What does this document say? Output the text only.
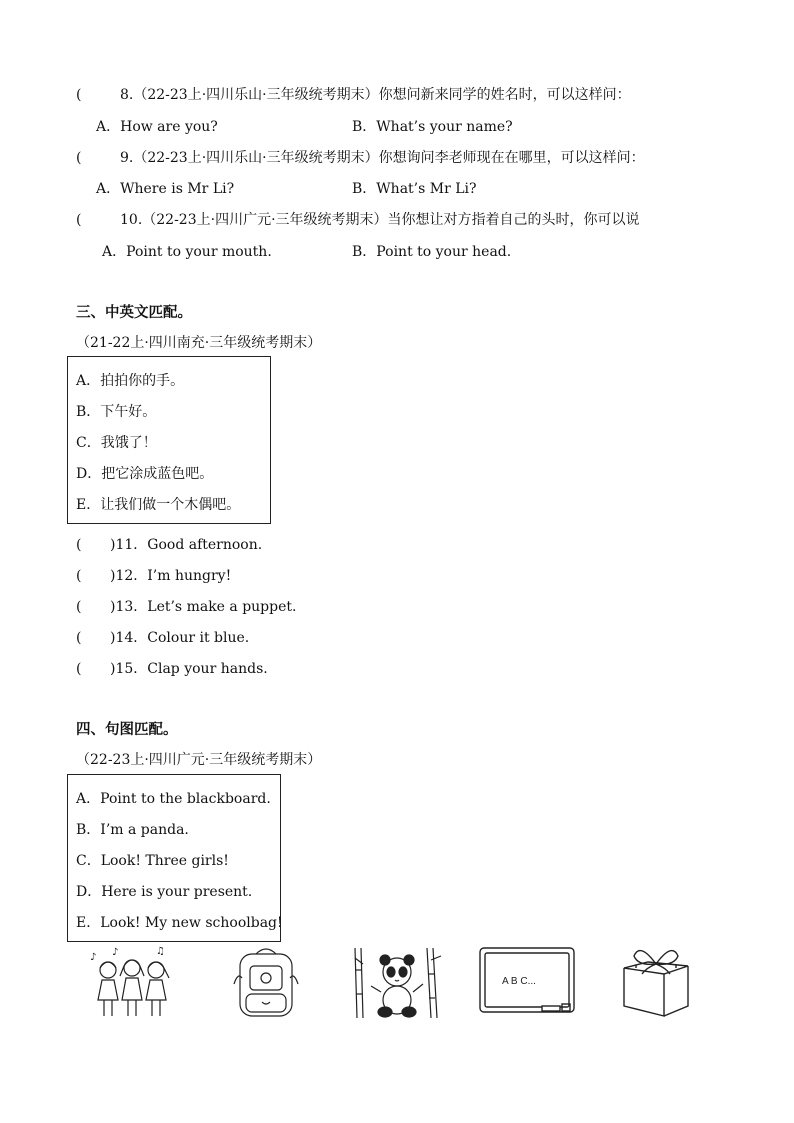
(	8.（22-23上·四川乐山·三年级统考期末）你想问新来同学的姓名时，可以这样问：
A．How are you?	B．What’s your name?
(	9.（22-23上·四川乐山·三年级统考期末）你想询问李老师现在在哪里，可以这样问：
A．Where is Mr Li?	B．What’s Mr Li?
(	10.（22-23上·四川广元·三年级统考期末）当你想让对方指着自己的头时，你可以说
A．Point to your mouth.	B．Point to your head.
三、中英文匹配。
（21-22上·四川南充·三年级统考期末）
A．拍拍你的手。
B．下午好。
C．我饿了！
D．把它涂成蓝色吧。
E．让我们做一个木偶吧。
( )11．Good afternoon.
( )12．I’m hungry!
( )13．Let’s make a puppet.
( )14．Colour it blue.
( )15．Clap your hands.
四、句图匹配。
（22-23上·四川广元·三年级统考期末）
A．Point to the blackboard.
B．I’m a panda.
C．Look! Three girls!
D．Here is your present.
E．Look! My new schoolbag!
♪ ♪	♫
A B C...
